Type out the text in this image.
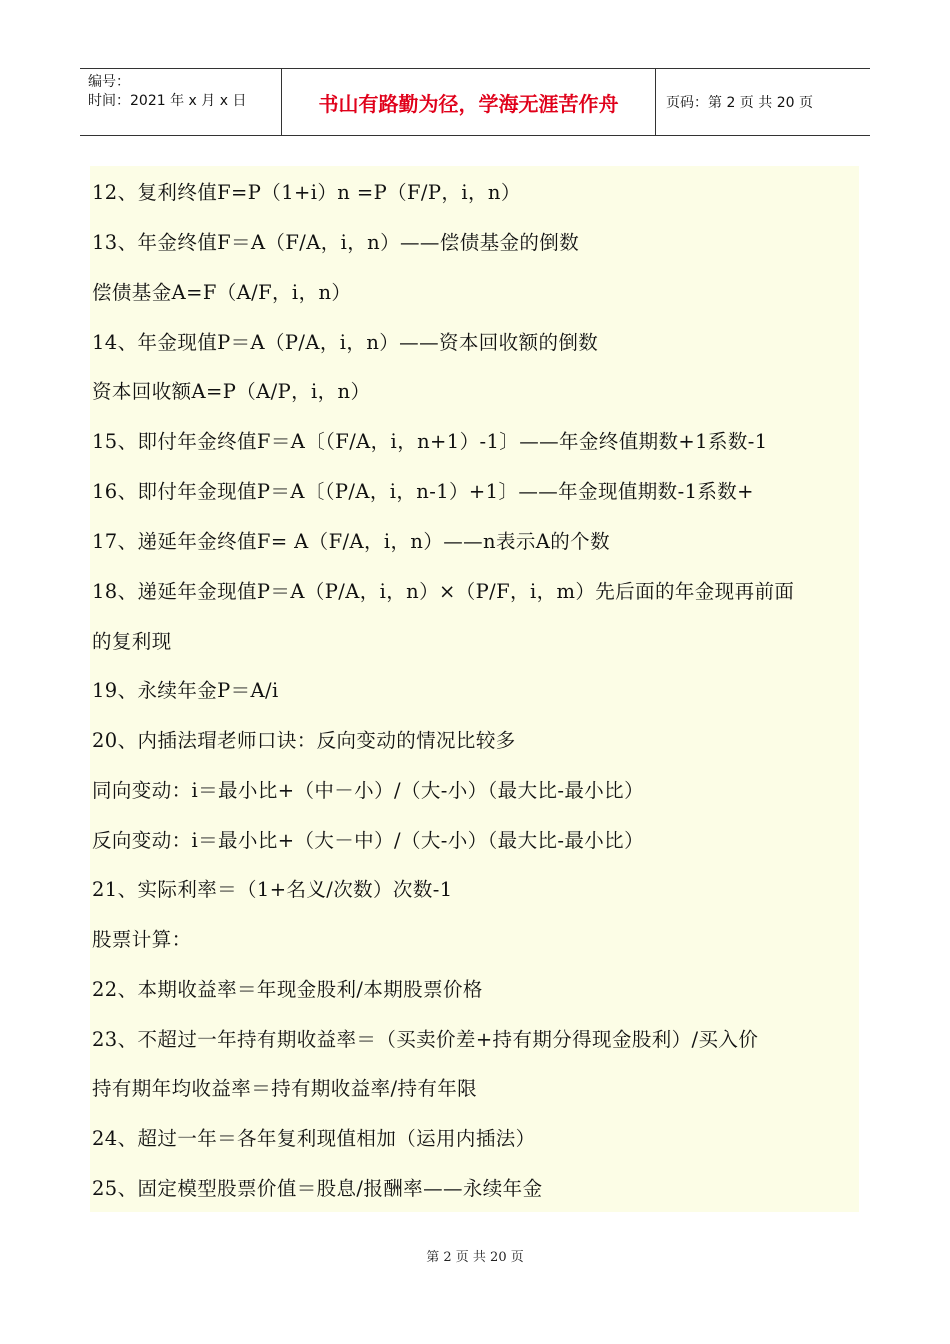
编号：
时间：2021 年 x 月 x 日	书山有路勤为径，学海无涯苦作舟	页码：第 2 页 共 20 页
12、复利终值F=P（1+i）n =P（F/P，i，n）
13、年金终值F＝A（F/A，i，n）——偿债基金的倒数
偿债基金A=F（A/F，i，n）
14、年金现值P＝A（P/A，i，n）——资本回收额的倒数
资本回收额A=P（A/P，i，n）
15、即付年金终值F＝A〔（F/A，i，n+1）-1〕——年金终值期数+1系数-1
16、即付年金现值P＝A〔（P/A，i，n-1）+1〕——年金现值期数-1系数+
17、递延年金终值F= A（F/A，i，n）——n表示A的个数
18、递延年金现值P＝A（P/A，i，n）×（P/F，i，m）先后面的年金现再前面
的复利现
19、永续年金P＝A/i
20、内插法瑁老师口诀：反向变动的情况比较多
同向变动：i＝最小比+（中－小）/（大-小）（最大比-最小比）
反向变动：i＝最小比+（大－中）/（大-小）（最大比-最小比）
21、实际利率＝（1+名义/次数）次数-1
股票计算：
22、本期收益率＝年现金股利/本期股票价格
23、不超过一年持有期收益率＝（买卖价差+持有期分得现金股利）/买入价
持有期年均收益率＝持有期收益率/持有年限
24、超过一年＝各年复利现值相加（运用内插法）
25、固定模型股票价值＝股息/报酬率——永续年金
第 2 页 共 20 页
